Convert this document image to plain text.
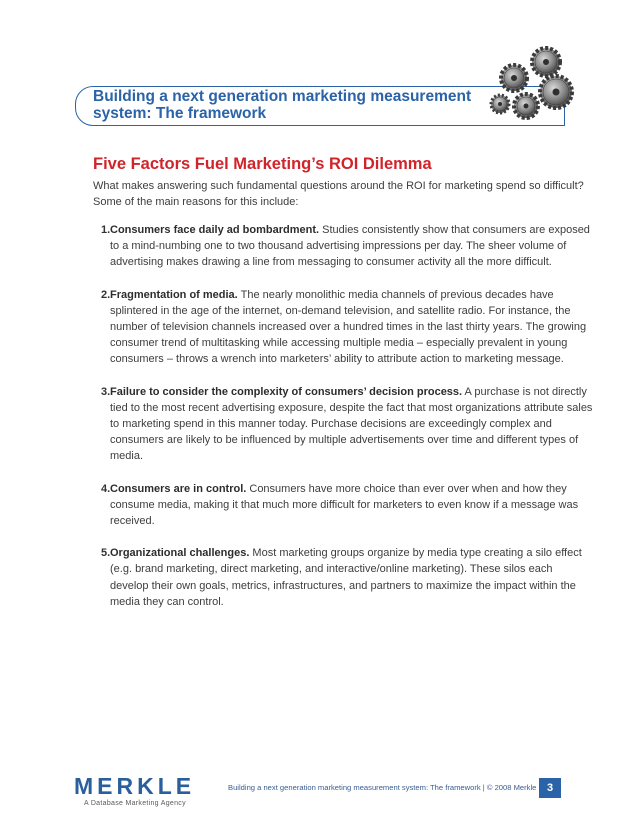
Building a next generation marketing measurement system: The framework
Five Factors Fuel Marketing’s ROI Dilemma
What makes answering such fundamental questions around the ROI for marketing spend so difficult? Some of the main reasons for this include:
1. Consumers face daily ad bombardment. Studies consistently show that consumers are exposed to a mind-numbing one to two thousand advertising impressions per day. The sheer volume of advertising makes drawing a line from messaging to consumer activity all the more difficult.
2. Fragmentation of media. The nearly monolithic media channels of previous decades have splintered in the age of the internet, on-demand television, and satellite radio. For instance, the number of television channels increased over a hundred times in the last thirty years. The growing consumer trend of multitasking while accessing multiple media – especially prevalent in young consumers – throws a wrench into marketers’ ability to attribute action to marketing message.
3. Failure to consider the complexity of consumers’ decision process. A purchase is not directly tied to the most recent advertising exposure, despite the fact that most organizations attribute sales to marketing spend in this manner today. Purchase decisions are exceedingly complex and consumers are likely to be influenced by multiple advertisements over time and different types of media.
4. Consumers are in control. Consumers have more choice than ever over when and how they consume media, making it that much more difficult for marketers to even know if a message was received.
5. Organizational challenges. Most marketing groups organize by media type creating a silo effect (e.g. brand marketing, direct marketing, and interactive/online marketing). These silos each develop their own goals, metrics, infrastructures, and partners to maximize the impact within the media they can control.
MERKLE
A Database Marketing Agency
Building a next generation marketing measurement system: The framework | © 2008 Merkle 3
